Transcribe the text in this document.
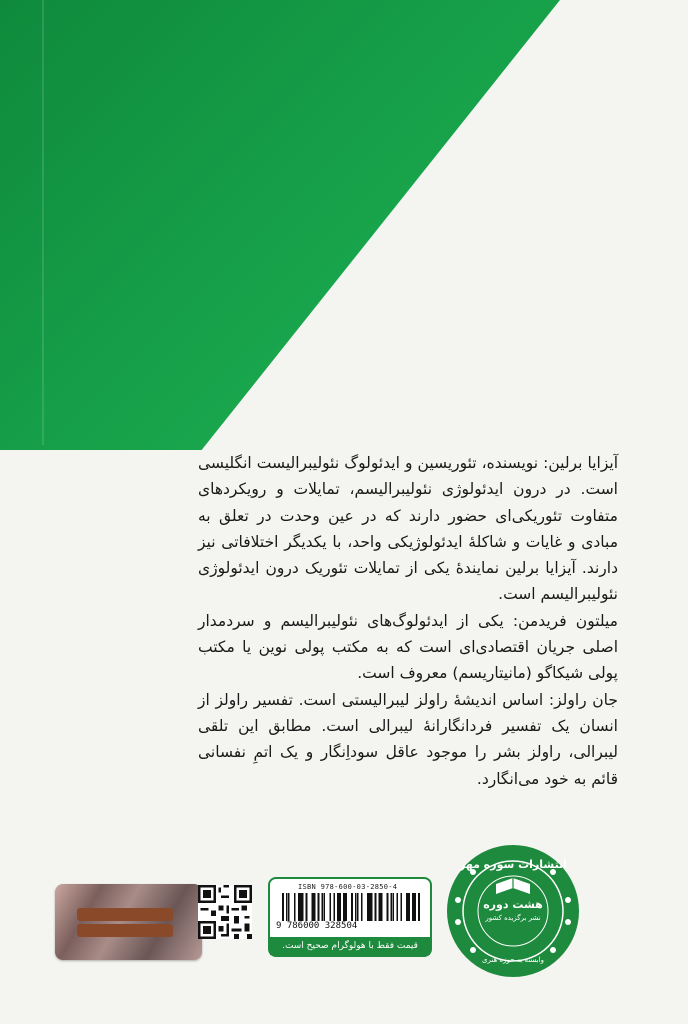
آیزایا برلین: نویسنده، تئوریسین و ایدئولوگ نئولیبرالیست انگلیسی است. در درون ایدئولوژی نئولیبرالیسم، تمایلات و رویکردهای متفاوت تئوریکی‌ای حضور دارند که در عین وحدت در تعلق به مبادی و غایات و شاکلهٔ ایدئولوژیکی واحد، با یکدیگر اختلافاتی نیز دارند. آیزایا برلین نمایندهٔ یکی از تمایلات تئوریک درون ایدئولوژی نئولیبرالیسم است.

میلتون فریدمن: یکی از ایدئولوگ‌های نئولیبرالیسم و سردمدار اصلی جریان اقتصادی‌ای است که به مکتب پولی نوین یا مکتب پولی شیکاگو (مانیتاریسم) معروف است.

جان راولز: اساس اندیشهٔ راولز لیبرالیستی است. تفسیر راولز از انسان یک تفسیر فردانگارانهٔ لیبرالی است. مطابق این تلقی لیبرالی، راولز بشر را موجود عاقل سوداِنگار و یک اتمِ نفسانی قائم به خود می‌انگارد.

ISBN 978-600-03-2850-4
9 786000 328504
قیمت فقط با هولوگرام صحیح است.
انتشارات سوره مهر
هشت دوره
نشر برگزیده کشور
وابسته به حوزه هنری
